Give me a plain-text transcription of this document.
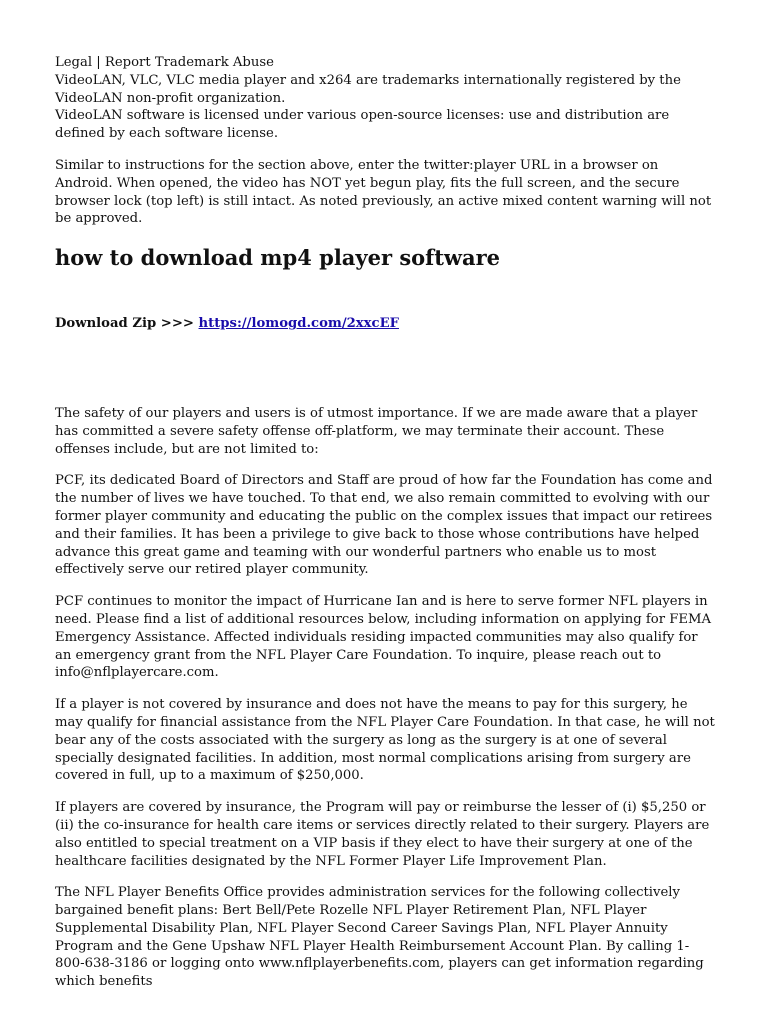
Legal | Report Trademark Abuse

VideoLAN, VLC, VLC media player and x264 are trademarks internationally registered by the VideoLAN non-profit organization.

VideoLAN software is licensed under various open-source licenses: use and distribution are defined by each software license.

Similar to instructions for the section above, enter the twitter:player URL in a browser on Android. When opened, the video has NOT yet begun play, fits the full screen, and the secure browser lock (top left) is still intact. As noted previously, an active mixed content warning will not be approved.

how to download mp4 player software
Download Zip >>> https://lomogd.com/2xxcEF

The safety of our players and users is of utmost importance. If we are made aware that a player has committed a severe safety offense off-platform, we may terminate their account. These offenses include, but are not limited to:

PCF, its dedicated Board of Directors and Staff are proud of how far the Foundation has come and the number of lives we have touched. To that end, we also remain committed to evolving with our former player community and educating the public on the complex issues that impact our retirees and their families. It has been a privilege to give back to those whose contributions have helped advance this great game and teaming with our wonderful partners who enable us to most effectively serve our retired player community.

PCF continues to monitor the impact of Hurricane Ian and is here to serve former NFL players in need. Please find a list of additional resources below, including information on applying for FEMA Emergency Assistance. Affected individuals residing impacted communities may also qualify for an emergency grant from the NFL Player Care Foundation. To inquire, please reach out to info@nflplayercare.com.

If a player is not covered by insurance and does not have the means to pay for this surgery, he may qualify for financial assistance from the NFL Player Care Foundation. In that case, he will not bear any of the costs associated with the surgery as long as the surgery is at one of several specially designated facilities. In addition, most normal complications arising from surgery are covered in full, up to a maximum of $250,000.

If players are covered by insurance, the Program will pay or reimburse the lesser of (i) $5,250 or (ii) the co-insurance for health care items or services directly related to their surgery. Players are also entitled to special treatment on a VIP basis if they elect to have their surgery at one of the healthcare facilities designated by the NFL Former Player Life Improvement Plan.

The NFL Player Benefits Office provides administration services for the following collectively bargained benefit plans: Bert Bell/Pete Rozelle NFL Player Retirement Plan, NFL Player Supplemental Disability Plan, NFL Player Second Career Savings Plan, NFL Player Annuity Program and the Gene Upshaw NFL Player Health Reimbursement Account Plan. By calling 1-800-638-3186 or logging onto www.nflplayerbenefits.com, players can get information regarding which benefits
